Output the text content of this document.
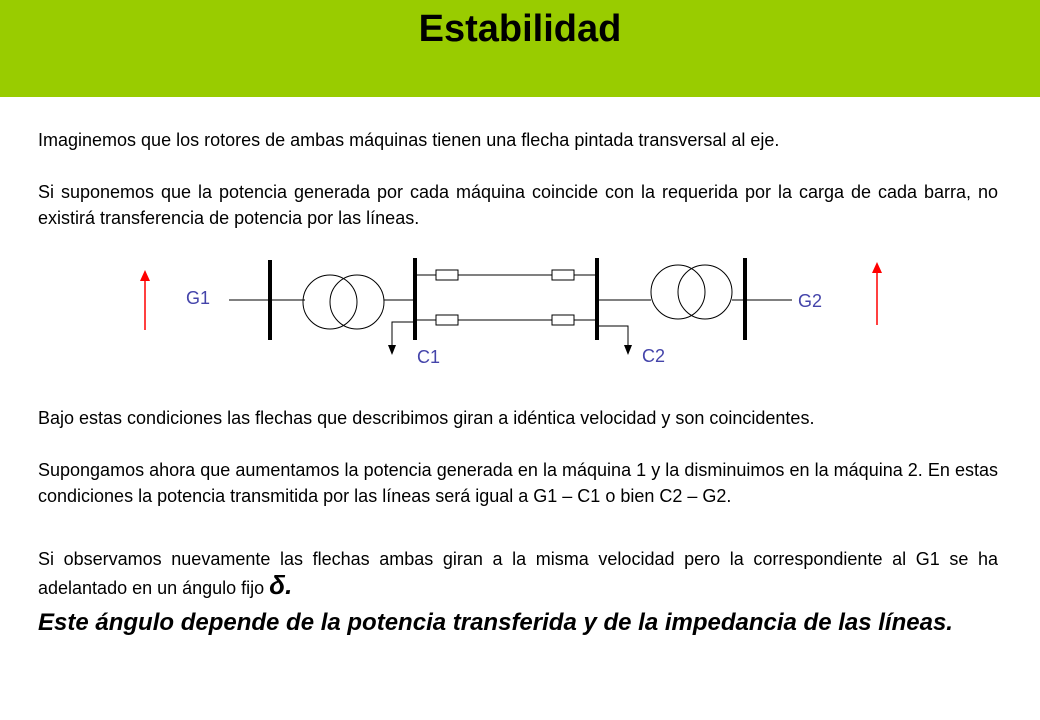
Estabilidad

Imaginemos que los rotores de ambas máquinas tienen una flecha pintada transversal al eje.

Si suponemos que la potencia generada por cada máquina coincide con la requerida por la carga de cada barra, no existirá transferencia de potencia por las líneas.

G1
C1	C2
G2

Bajo estas condiciones las flechas que describimos giran a idéntica velocidad y son coincidentes.

Supongamos ahora que aumentamos la potencia generada en la máquina 1 y la disminuimos en la máquina 2. En estas condiciones la potencia transmitida por las líneas será igual a G1 – C1 o bien C2 – G2.

Si observamos nuevamente las flechas ambas giran a la misma velocidad pero la correspondiente al G1 se ha adelantado en un ángulo fijo δ.

Este ángulo depende de la potencia transferida y de la impedancia de las líneas.
